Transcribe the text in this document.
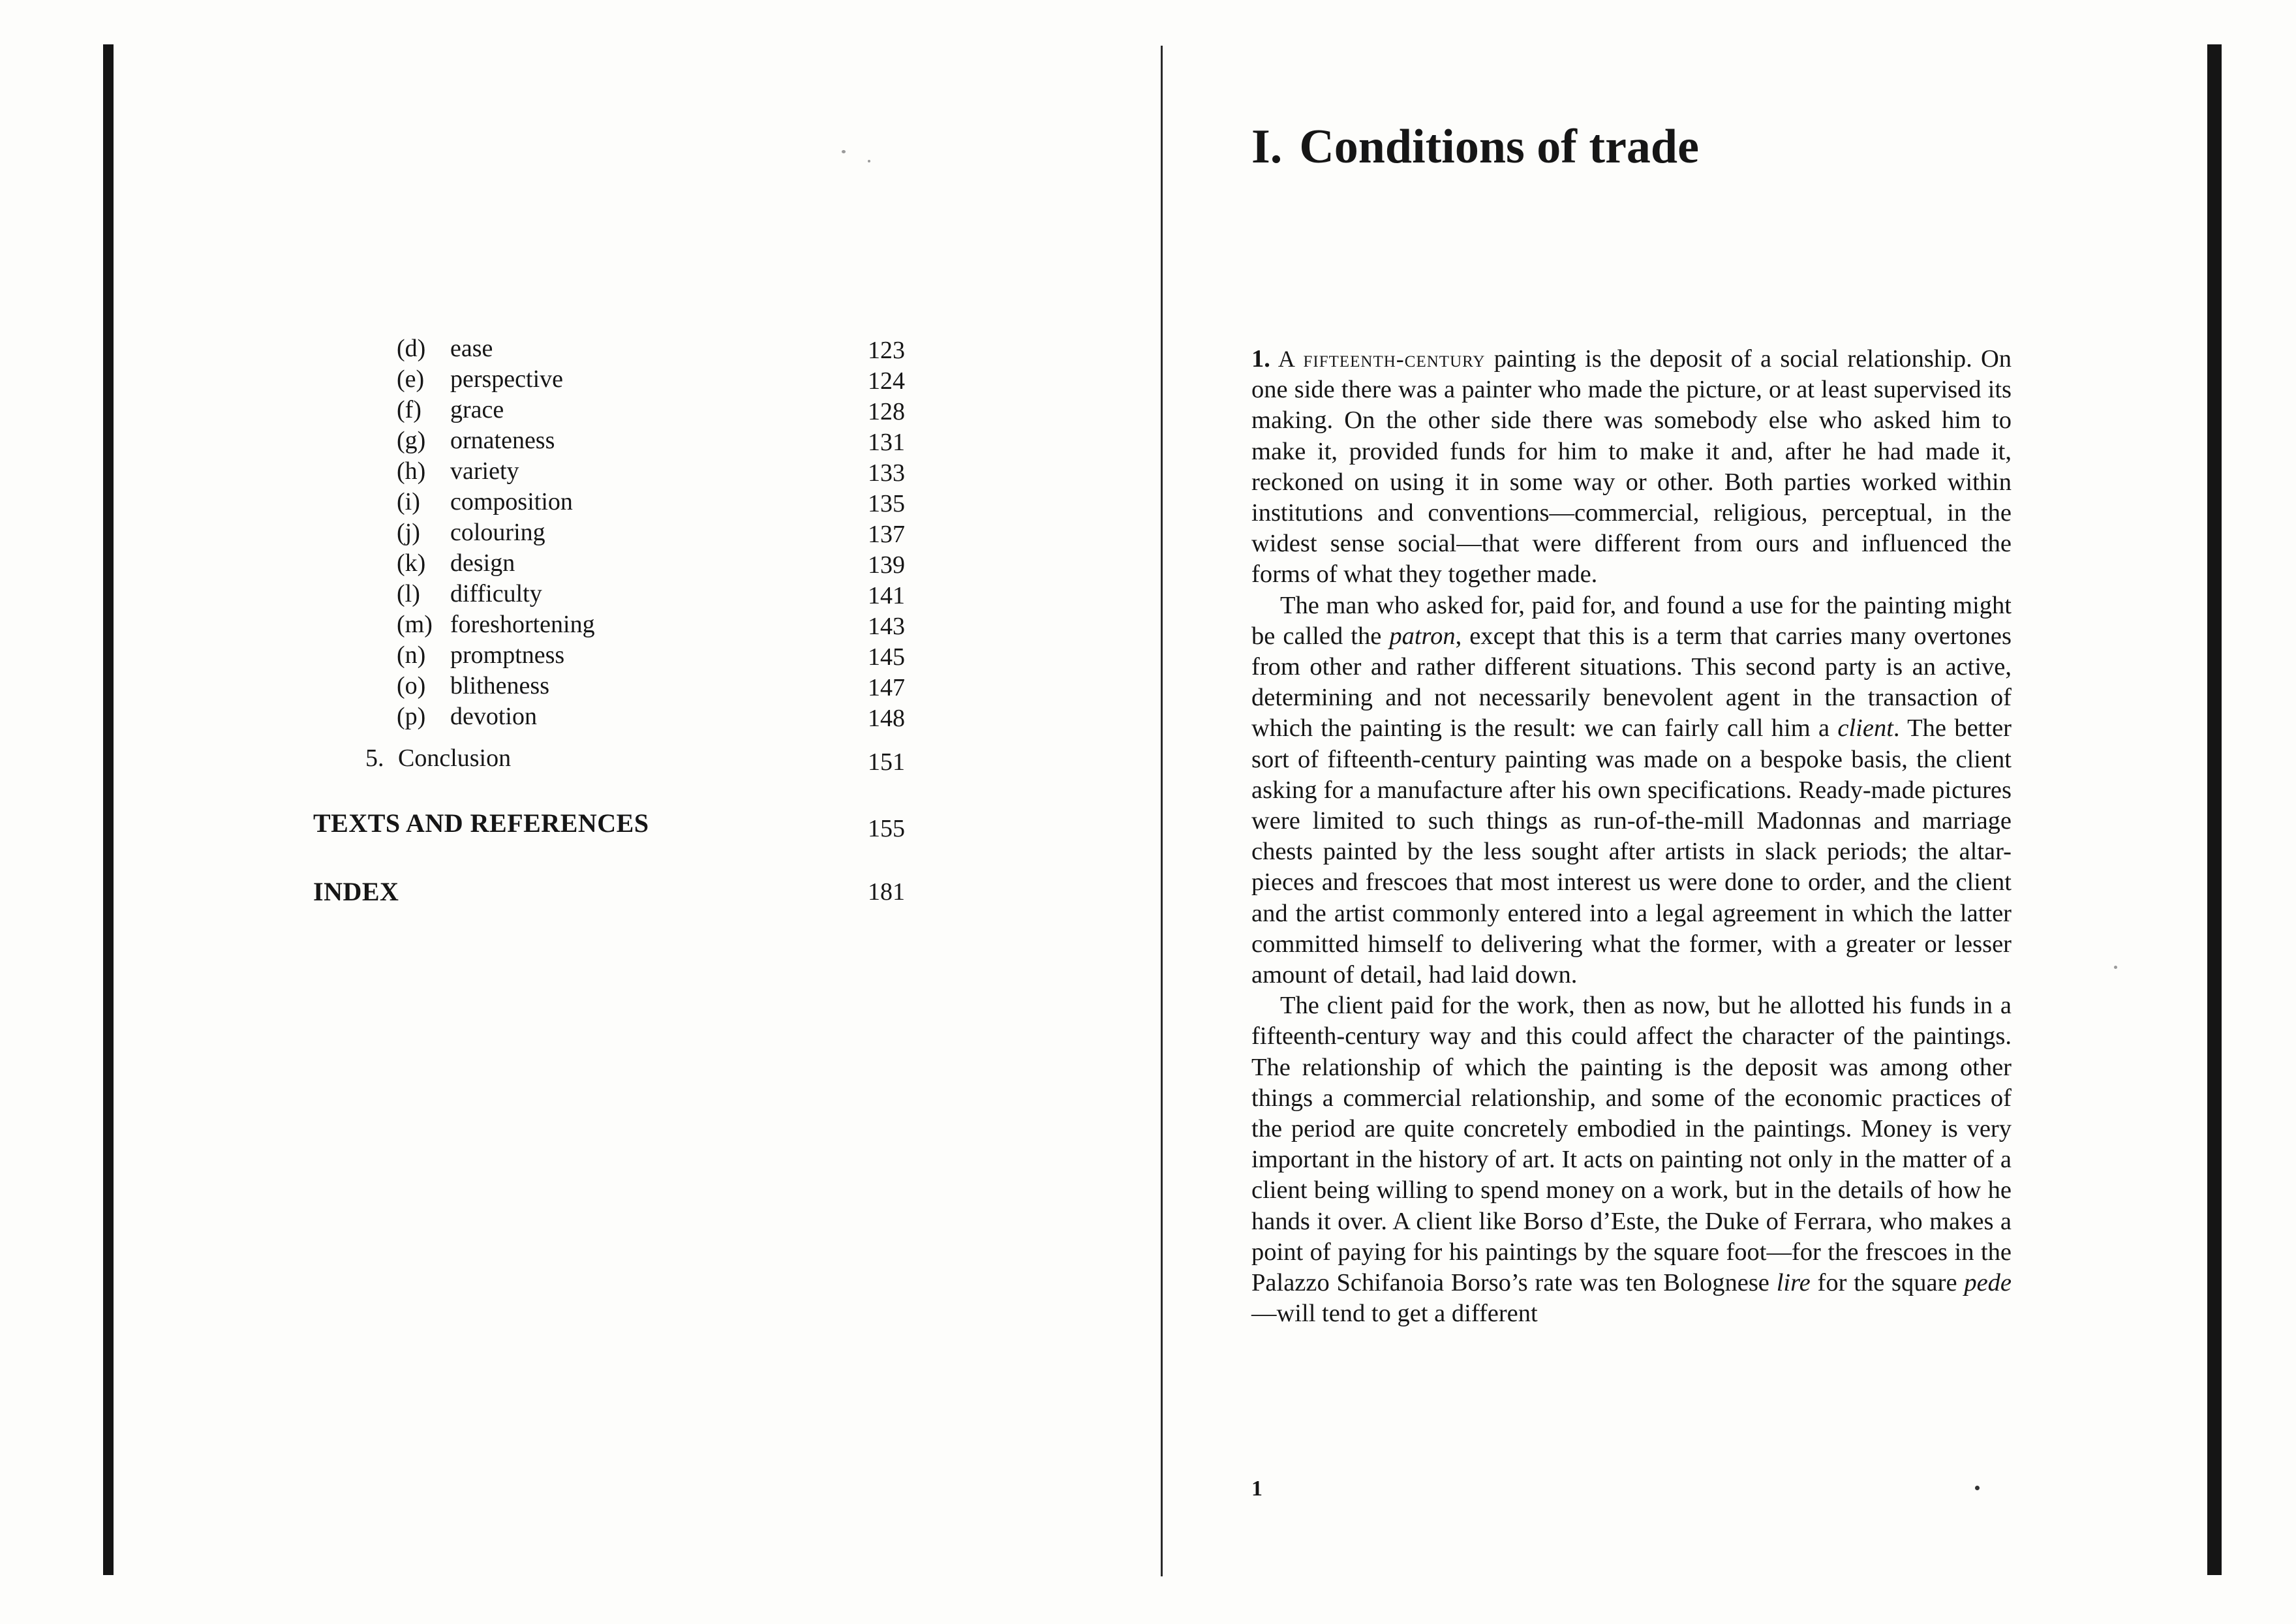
(d) ease	123
(e) perspective	124
(f) grace	128
(g) ornateness	131
(h) variety	133
(i) composition	135
(j) colouring	137
(k) design	139
(l) difficulty	141
(m) foreshortening	143
(n) promptness	145
(o) blitheness	147
(p) devotion	148
5. Conclusion	151
TEXTS AND REFERENCES	155
INDEX	181
I. Conditions of trade

1. A fifteenth-century painting is the deposit of a social relationship. On one side there was a painter who made the picture, or at least supervised its making. On the other side there was somebody else who asked him to make it, provided funds for him to make it and, after he had made it, reckoned on using it in some way or other. Both parties worked within institutions and conventions—commercial, religious, perceptual, in the widest sense social—that were different from ours and influenced the forms of what they together made.

The man who asked for, paid for, and found a use for the painting might be called the patron, except that this is a term that carries many overtones from other and rather different situations. This second party is an active, determining and not necessarily benevolent agent in the transaction of which the painting is the result: we can fairly call him a client. The better sort of fifteenth-century painting was made on a bespoke basis, the client asking for a manufacture after his own specifications. Ready-made pictures were limited to such things as run-of-the-mill Madonnas and marriage chests painted by the less sought after artists in slack periods; the altar-pieces and frescoes that most interest us were done to order, and the client and the artist commonly entered into a legal agreement in which the latter committed himself to delivering what the former, with a greater or lesser amount of detail, had laid down.

The client paid for the work, then as now, but he allotted his funds in a fifteenth-century way and this could affect the character of the paintings. The relationship of which the painting is the deposit was among other things a commercial relationship, and some of the economic practices of the period are quite concretely embodied in the paintings. Money is very important in the history of art. It acts on painting not only in the matter of a client being willing to spend money on a work, but in the details of how he hands it over. A client like Borso d’Este, the Duke of Ferrara, who makes a point of paying for his paintings by the square foot—for the frescoes in the Palazzo Schifanoia Borso’s rate was ten Bolognese lire for the square pede—will tend to get a different

1
